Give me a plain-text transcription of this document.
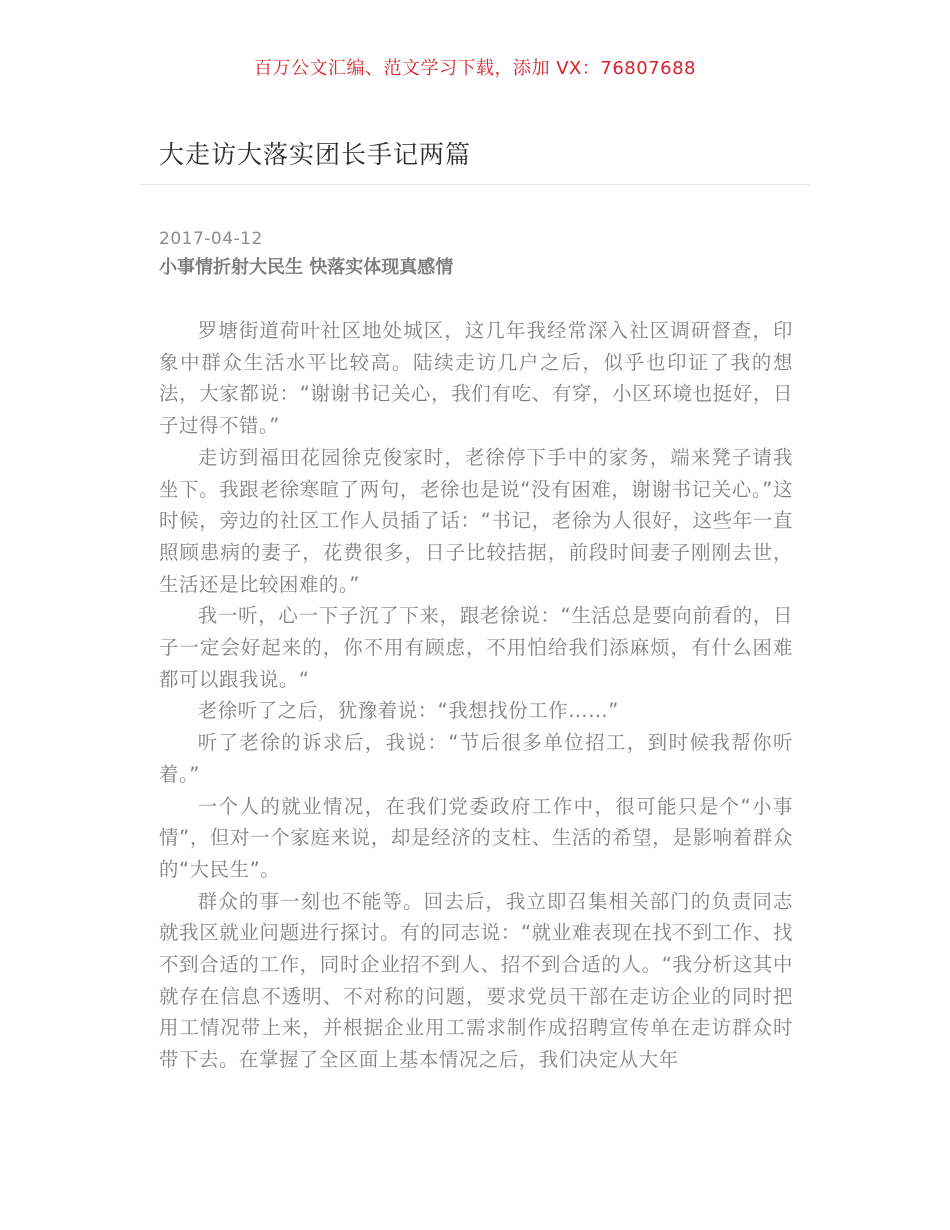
百万公文汇编、范文学习下载，添加 VX：76807688
大走访大落实团长手记两篇
2017-04-12
小事情折射大民生 快落实体现真感情

罗塘街道荷叶社区地处城区，这几年我经常深入社区调研督查，印象中群众生活水平比较高。陆续走访几户之后，似乎也印证了我的想法，大家都说：“谢谢书记关心，我们有吃、有穿，小区环境也挺好，日子过得不错。”

走访到福田花园徐克俊家时，老徐停下手中的家务，端来凳子请我坐下。我跟老徐寒暄了两句，老徐也是说“没有困难，谢谢书记关心。”这时候，旁边的社区工作人员插了话：“书记，老徐为人很好，这些年一直照顾患病的妻子，花费很多，日子比较拮据，前段时间妻子刚刚去世，生活还是比较困难的。”

我一听，心一下子沉了下来，跟老徐说：“生活总是要向前看的，日子一定会好起来的，你不用有顾虑，不用怕给我们添麻烦，有什么困难都可以跟我说。“

老徐听了之后，犹豫着说：“我想找份工作……”

听了老徐的诉求后，我说：“节后很多单位招工，到时候我帮你听着。”

一个人的就业情况，在我们党委政府工作中，很可能只是个“小事情”，但对一个家庭来说，却是经济的支柱、生活的希望，是影响着群众的“大民生”。

群众的事一刻也不能等。回去后，我立即召集相关部门的负责同志就我区就业问题进行探讨。有的同志说：“就业难表现在找不到工作、找不到合适的工作，同时企业招不到人、招不到合适的人。“我分析这其中就存在信息不透明、不对称的问题，要求党员干部在走访企业的同时把用工情况带上来，并根据企业用工需求制作成招聘宣传单在走访群众时带下去。在掌握了全区面上基本情况之后，我们决定从大年
